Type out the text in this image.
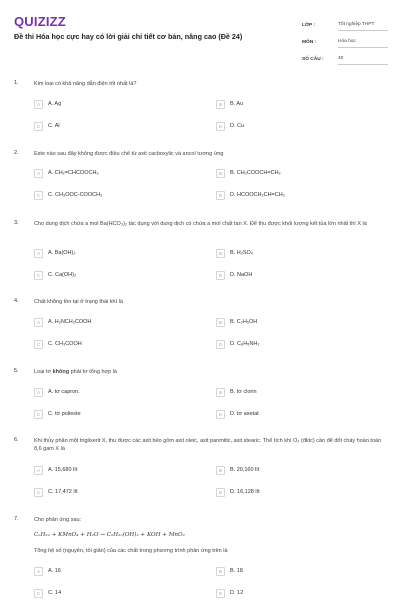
QUIZIZZ
Đề thi Hóa học cực hay có lời giải chi tiết cơ bản, nâng cao (Đề 24)
LỚP :	Tốt nghiệp THPT
MÔN :	Hóa học
SỐ CÂU :	40
1.	Kim loại có khả năng dẫn điện tốt nhất là?
A	A. Ag	B	B. Au
C	C. Al	D	D. Cu
2.	Este nào sau đây không được điều chế từ axit cacboxylic và ancol tương ứng
A	A. CH₂=CHCOOCH₃	B	B. CH₃COOCH=CH₂
C	C. CH₃OOC-COOCH₃	D	D. HCOOCH₂CH=CH₂
3.	Cho dung dịch chứa a mol Ba(HCO₃)₂ tác dụng với dung dịch có chứa a mol chất tan X. Để thu được khối lượng kết tủa lớn nhất thì X là
A	A. Ba(OH)₂	B	B. H₂SO₄
C	C. Ca(OH)₂	D	D. NaOH
4.	Chất không tồn tại ở trạng thái khí là
A	A. H₂NCH₂COOH	B	B. C₂H₅OH
C	C. CH₃COOH	D	D. C₆H₅NH₂
5.	Loại tơ không phải tơ tổng hợp là
A	A. tơ capron.	B	B. tơ clorin
C	C. tơ polieste	D	D. tơ axetat
6.	Khi thủy phân một triglixerit X, thu được các axit béo gồm axit oleic, axit panmitic, axit stearic. Thể tích khí O₂ (đktc) cần để đốt cháy hoàn toàn 8,6 gam X là
A	A. 15,680 lít	B	B. 20,160 lít
C	C. 17,472 lít	D	D. 16,128 lít
7.	Cho phản ứng sau:
CₙH₂ₙ + KMnO₄ + H₂O → CₙH₂ₙ(OH)₂ + KOH + MnO₂
Tổng hệ số (nguyên, tối giản) của các chất trong phương trình phản ứng trên là
A	A. 16	B	B. 18
C	C. 14	D	D. 12
